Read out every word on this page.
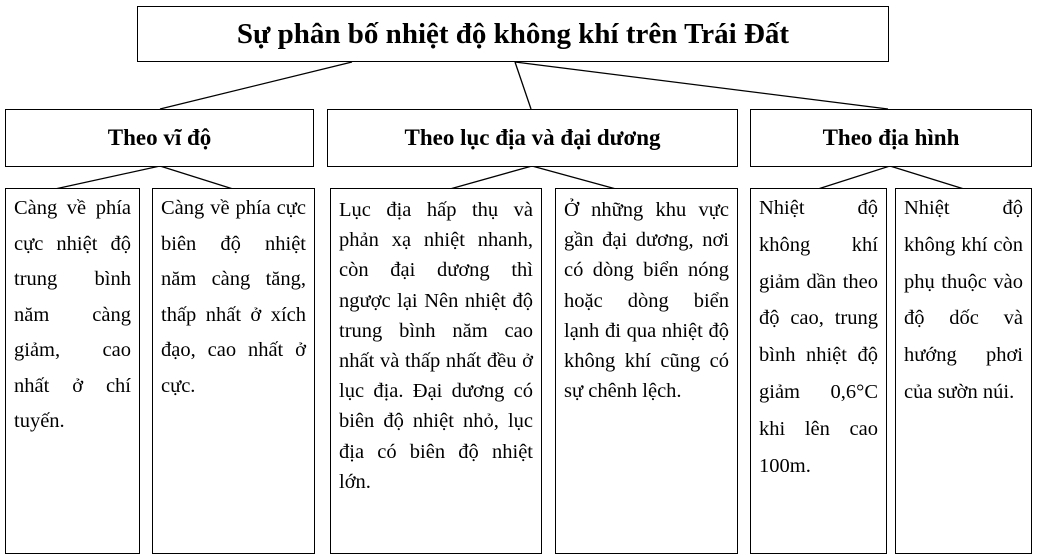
Sự phân bố nhiệt độ không khí trên Trái Đất
Theo vĩ độ	Theo lục địa và đại dương	Theo địa hình
Càng về phía cực nhiệt độ trung bình năm càng giảm, cao nhất ở chí tuyến.
Càng về phía cực biên độ nhiệt năm càng tăng, thấp nhất ở xích đạo, cao nhất ở cực.
Lục địa hấp thụ và phản xạ nhiệt nhanh, còn đại dương thì ngược lại Nên nhiệt độ trung bình năm cao nhất và thấp nhất đều ở lục địa. Đại dương có biên độ nhiệt nhỏ, lục địa có biên độ nhiệt lớn.
Ở những khu vực gần đại dương, nơi có dòng biển nóng hoặc dòng biển lạnh đi qua nhiệt độ không khí cũng có sự chênh lệch.
Nhiệt độ không khí giảm dần theo độ cao, trung bình nhiệt độ giảm 0,6°C khi lên cao 100m.
Nhiệt độ không khí còn phụ thuộc vào độ dốc và hướng phơi của sườn núi.
